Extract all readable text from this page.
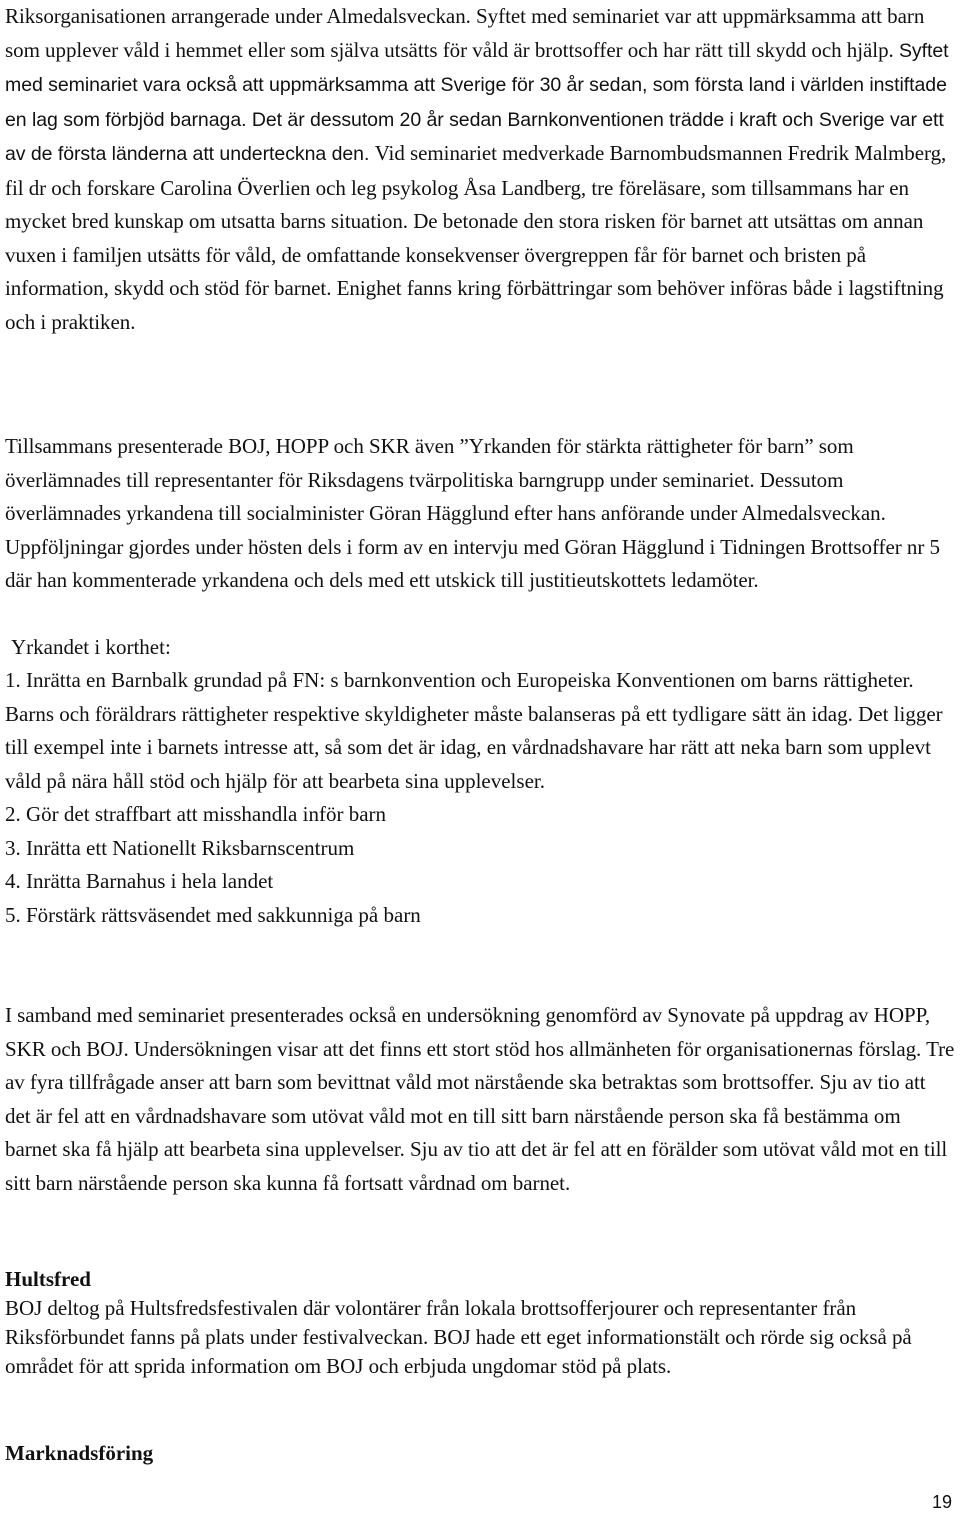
Riksorganisationen arrangerade under Almedalsveckan. Syftet med seminariet var att uppmärksamma att barn som upplever våld i hemmet eller som själva utsätts för våld är brottsoffer och har rätt till skydd och hjälp. Syftet med seminariet vara också att uppmärksamma att Sverige för 30 år sedan, som första land i världen instiftade en lag som förbjöd barnaga. Det är dessutom 20 år sedan Barnkonventionen trädde i kraft och Sverige var ett av de första länderna att underteckna den. Vid seminariet medverkade Barnombudsmannen Fredrik Malmberg, fil dr och forskare Carolina Överlien och leg psykolog Åsa Landberg, tre föreläsare, som tillsammans har en mycket bred kunskap om utsatta barns situation. De betonade den stora risken för barnet att utsättas om annan vuxen i familjen utsätts för våld, de omfattande konsekvenser övergreppen får för barnet och bristen på information, skydd och stöd för barnet. Enighet fanns kring förbättringar som behöver införas både i lagstiftning och i praktiken.

Tillsammans presenterade BOJ, HOPP och SKR även ”Yrkanden för stärkta rättigheter för barn” som överlämnades till representanter för Riksdagens tvärpolitiska barngrupp under seminariet. Dessutom överlämnades yrkandena till socialminister Göran Hägglund efter hans anförande under Almedalsveckan. Uppföljningar gjordes under hösten dels i form av en intervju med Göran Hägglund i Tidningen Brottsoffer nr 5 där han kommenterade yrkandena och dels med ett utskick till justitieutskottets ledamöter.

Yrkandet i korthet:

1. Inrätta en Barnbalk grundad på FN: s barnkonvention och Europeiska Konventionen om barns rättigheter. Barns och föräldrars rättigheter respektive skyldigheter måste balanseras på ett tydligare sätt än idag. Det ligger till exempel inte i barnets intresse att, så som det är idag, en vårdnadshavare har rätt att neka barn som upplevt våld på nära håll stöd och hjälp för att bearbeta sina upplevelser.

2. Gör det straffbart att misshandla inför barn

3. Inrätta ett Nationellt Riksbarnscentrum

4. Inrätta Barnahus i hela landet

5. Förstärk rättsväsendet med sakkunniga på barn

I samband med seminariet presenterades också en undersökning genomförd av Synovate på uppdrag av HOPP, SKR och BOJ. Undersökningen visar att det finns ett stort stöd hos allmänheten för organisationernas förslag. Tre av fyra tillfrågade anser att barn som bevittnat våld mot närstående ska betraktas som brottsoffer. Sju av tio att det är fel att en vårdnadshavare som utövat våld mot en till sitt barn närstående person ska få bestämma om barnet ska få hjälp att bearbeta sina upplevelser. Sju av tio att det är fel att en förälder som utövat våld mot en till sitt barn närstående person ska kunna få fortsatt vårdnad om barnet.

Hultsfred

BOJ deltog på Hultsfredsfestivalen där volontärer från lokala brottsofferjourer och representanter från Riksförbundet fanns på plats under festivalveckan. BOJ hade ett eget informationstält och rörde sig också på området för att sprida information om BOJ och erbjuda ungdomar stöd på plats.

Marknadsföring

19
